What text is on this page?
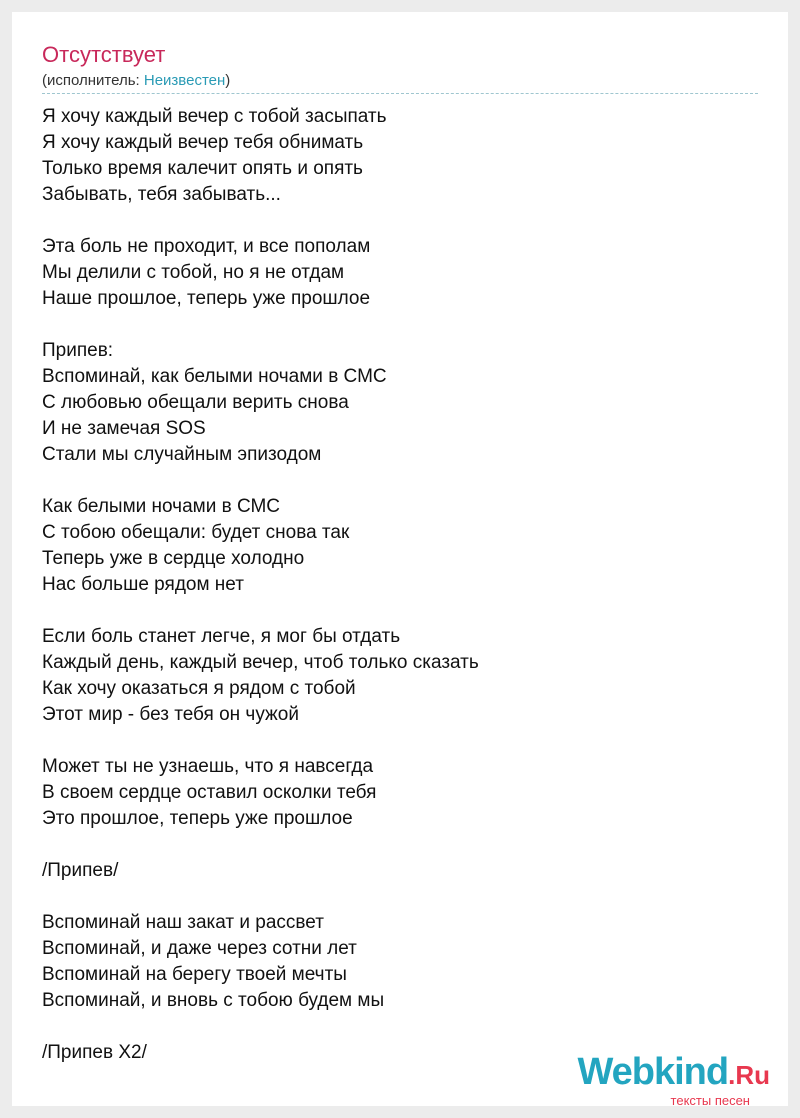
Отсутствует
(исполнитель: Неизвестен)
Я хочу каждый вечер с тобой засыпать
Я хочу каждый вечер тебя обнимать
Только время калечит опять и опять
Забывать, тебя забывать...
Эта боль не проходит, и все пополам
Мы делили с тобой, но я не отдам
Наше прошлое, теперь уже прошлое
Припев:
Вспоминай, как белыми ночами в СМС
С любовью обещали верить снова
И не замечая SOS
Стали мы случайным эпизодом
Как белыми ночами в СМС
С тобою обещали: будет снова так
Теперь уже в сердце холодно
Нас больше рядом нет
Если боль станет легче, я мог бы отдать
Каждый день, каждый вечер, чтоб только сказать
Как хочу оказаться я рядом с тобой
Этот мир - без тебя он чужой
Может ты не узнаешь, что я навсегда
В своем сердце оставил осколки тебя
Это прошлое, теперь уже прошлое
/Припев/
Вспоминай наш закат и рассвет
Вспоминай, и даже через сотни лет
Вспоминай на берегу твоей мечты
Вспоминай, и вновь с тобою будем мы
/Припев X2/	Webkind.Ru
тексты песен
